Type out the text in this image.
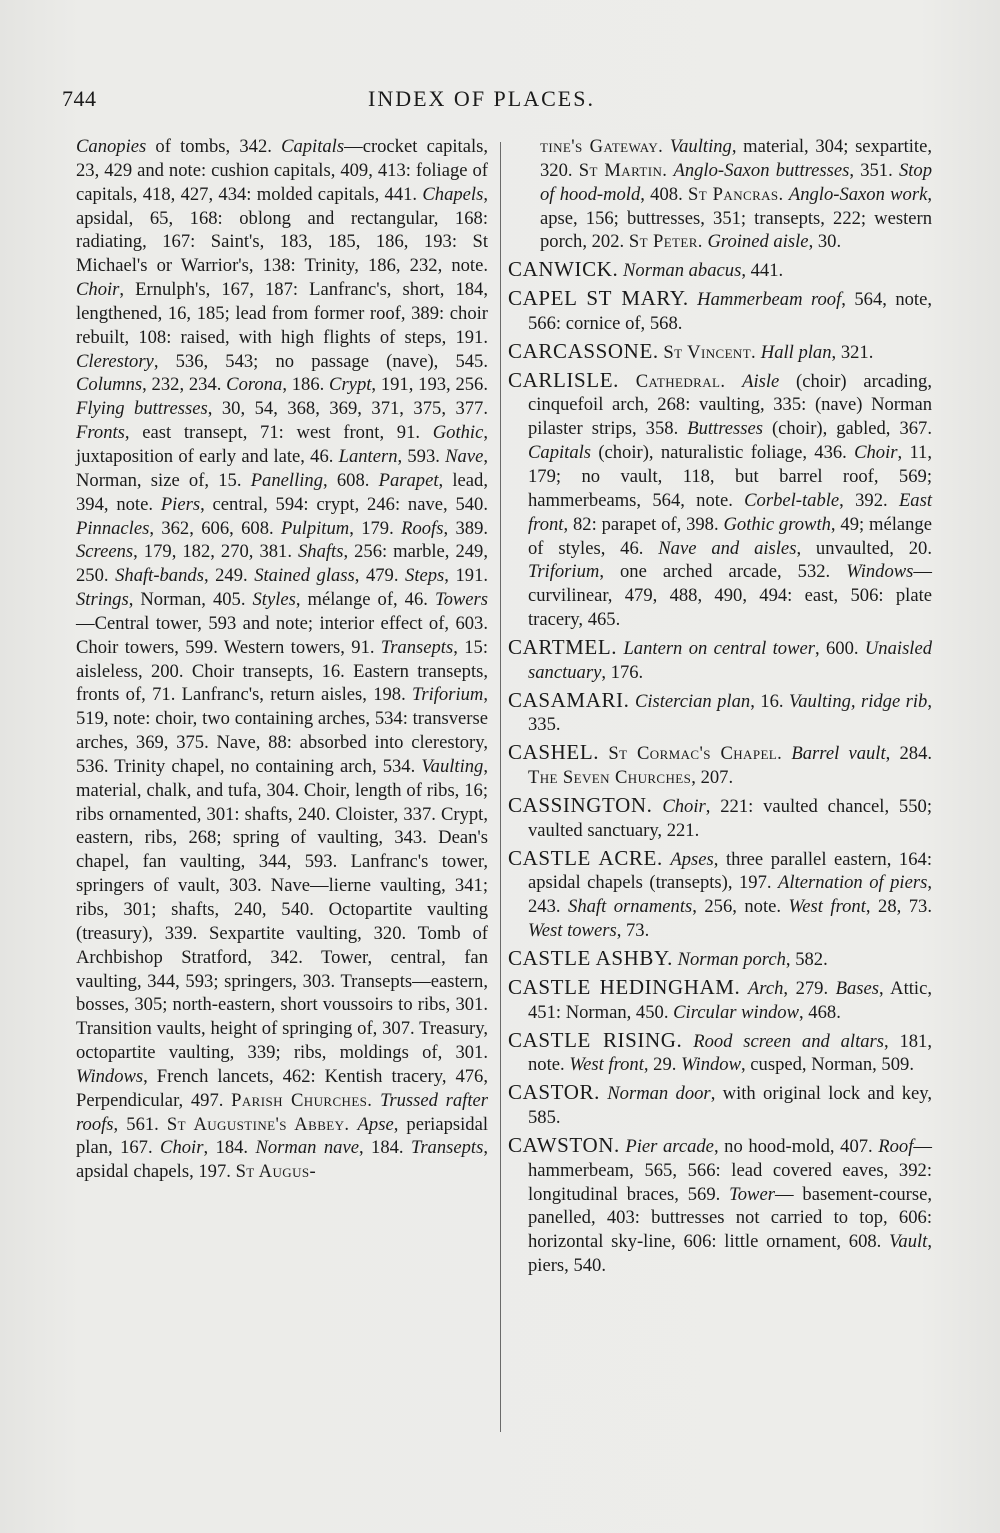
744	INDEX OF PLACES.
Canopies of tombs, 342. Capitals—crocket capitals, 23, 429 and note: cushion capitals, 409, 413: foliage of capitals, 418, 427, 434: molded capitals, 441. Chapels, apsidal, 65, 168: oblong and rectangular, 168: radiating, 167: Saint's, 183, 185, 186, 193: St Michael's or Warrior's, 138: Trinity, 186, 232, note. Choir, Ernulph's, 167, 187: Lanfranc's, short, 184, lengthened, 16, 185; lead from former roof, 389: choir rebuilt, 108: raised, with high flights of steps, 191. Clerestory, 536, 543; no passage (nave), 545. Columns, 232, 234. Corona, 186. Crypt, 191, 193, 256. Flying buttresses, 30, 54, 368, 369, 371, 375, 377. Fronts, east transept, 71: west front, 91. Gothic, juxtaposition of early and late, 46. Lantern, 593. Nave, Norman, size of, 15. Panelling, 608. Parapet, lead, 394, note. Piers, central, 594: crypt, 246: nave, 540. Pinnacles, 362, 606, 608. Pulpitum, 179. Roofs, 389. Screens, 179, 182, 270, 381. Shafts, 256: marble, 249, 250. Shaft-bands, 249. Stained glass, 479. Steps, 191. Strings, Norman, 405. Styles, mélange of, 46. Towers—Central tower, 593 and note; interior effect of, 603. Choir towers, 599. Western towers, 91. Transepts, 15: aisleless, 200. Choir transepts, 16. Eastern transepts, fronts of, 71. Lanfranc's, return aisles, 198. Triforium, 519, note: choir, two containing arches, 534: transverse arches, 369, 375. Nave, 88: absorbed into clerestory, 536. Trinity chapel, no containing arch, 534. Vaulting, material, chalk, and tufa, 304. Choir, length of ribs, 16; ribs ornamented, 301: shafts, 240. Cloister, 337. Crypt, eastern, ribs, 268; spring of vaulting, 343. Dean's chapel, fan vaulting, 344, 593. Lanfranc's tower, springers of vault, 303. Nave—lierne vaulting, 341; ribs, 301; shafts, 240, 540. Octopartite vaulting (treasury), 339. Sexpartite vaulting, 320. Tomb of Archbishop Stratford, 342. Tower, central, fan vaulting, 344, 593; springers, 303. Transepts—eastern, bosses, 305; north-eastern, short voussoirs to ribs, 301. Transition vaults, height of springing of, 307. Treasury, octopartite vaulting, 339; ribs, moldings of, 301. Windows, French lancets, 462: Kentish tracery, 476, Perpendicular, 497. Parish Churches. Trussed rafter roofs, 561. St Augustine's Abbey. Apse, periapsidal plan, 167. Choir, 184. Norman nave, 184. Transepts, apsidal chapels, 197. St Augus-
tine's Gateway. Vaulting, material, 304; sexpartite, 320. St Martin. Anglo-Saxon buttresses, 351. Stop of hood-mold, 408. St Pancras. Anglo-Saxon work, apse, 156; buttresses, 351; transepts, 222; western porch, 202. St Peter. Groined aisle, 30.
CANWICK. Norman abacus, 441.
CAPEL ST MARY. Hammerbeam roof, 564, note, 566: cornice of, 568.
CARCASSONE. St Vincent. Hall plan, 321.
CARLISLE. Cathedral. Aisle (choir) arcading, cinquefoil arch, 268: vaulting, 335: (nave) Norman pilaster strips, 358. Buttresses (choir), gabled, 367. Capitals (choir), naturalistic foliage, 436. Choir, 11, 179; no vault, 118, but barrel roof, 569; hammerbeams, 564, note. Corbel-table, 392. East front, 82: parapet of, 398. Gothic growth, 49; mélange of styles, 46. Nave and aisles, unvaulted, 20. Triforium, one arched arcade, 532. Windows—curvilinear, 479, 488, 490, 494: east, 506: plate tracery, 465.
CARTMEL. Lantern on central tower, 600. Unaisled sanctuary, 176.
CASAMARI. Cistercian plan, 16. Vaulting, ridge rib, 335.
CASHEL. St Cormac's Chapel. Barrel vault, 284. The Seven Churches, 207.
CASSINGTON. Choir, 221: vaulted chancel, 550; vaulted sanctuary, 221.
CASTLE ACRE. Apses, three parallel eastern, 164: apsidal chapels (transepts), 197. Alternation of piers, 243. Shaft ornaments, 256, note. West front, 28, 73. West towers, 73.
CASTLE ASHBY. Norman porch, 582.
CASTLE HEDINGHAM. Arch, 279. Bases, Attic, 451: Norman, 450. Circular window, 468.
CASTLE RISING. Rood screen and altars, 181, note. West front, 29. Window, cusped, Norman, 509.
CASTOR. Norman door, with original lock and key, 585.
CAWSTON. Pier arcade, no hood-mold, 407. Roof— hammerbeam, 565, 566: lead covered eaves, 392: longitudinal braces, 569. Tower— basement-course, panelled, 403: buttresses not carried to top, 606: horizontal sky-line, 606: little ornament, 608. Vault, piers, 540.
